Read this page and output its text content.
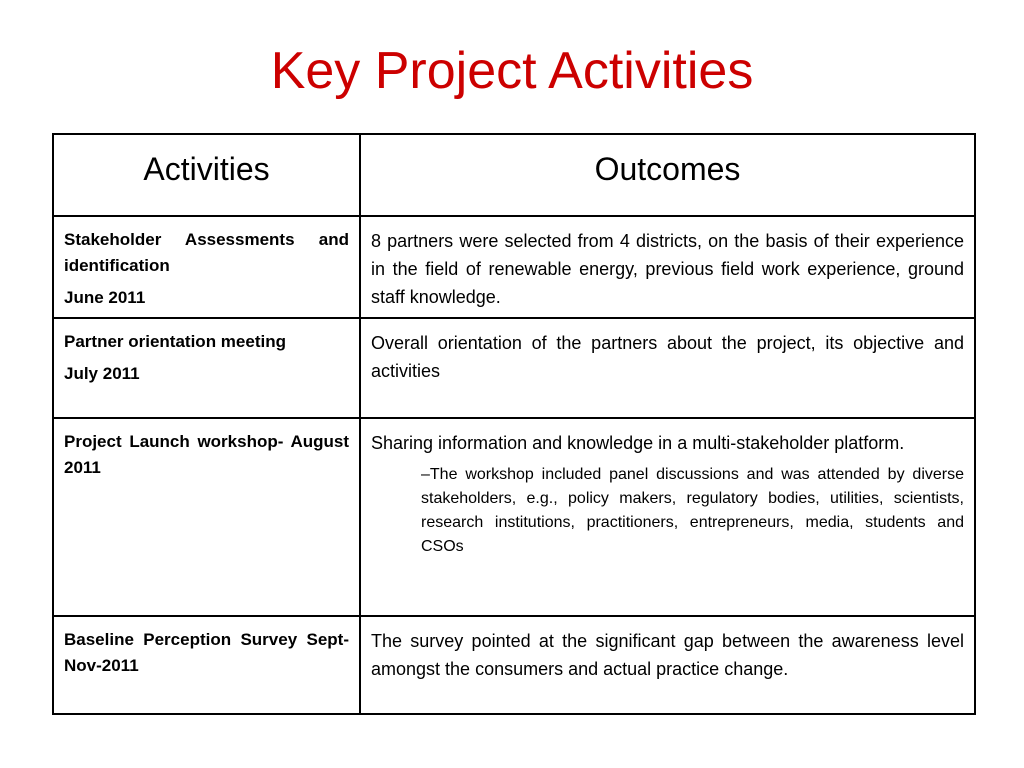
Key Project Activities
Activities	Outcomes

Stakeholder Assessments and identification
June 2011	8 partners were selected from 4 districts, on the basis of their experience in the field of renewable energy, previous field work experience, ground staff knowledge.

Partner orientation meeting
July 2011	Overall orientation of the partners about the project, its objective and activities

Project Launch workshop- August 2011	Sharing information and knowledge in a multi-stakeholder platform.
–The workshop included panel discussions and was attended by diverse stakeholders, e.g., policy makers, regulatory bodies, utilities, scientists, research institutions, practitioners, entrepreneurs, media, students and CSOs

Baseline Perception Survey Sept-Nov-2011	The survey pointed at the significant gap between the awareness level amongst the consumers and actual practice change.
